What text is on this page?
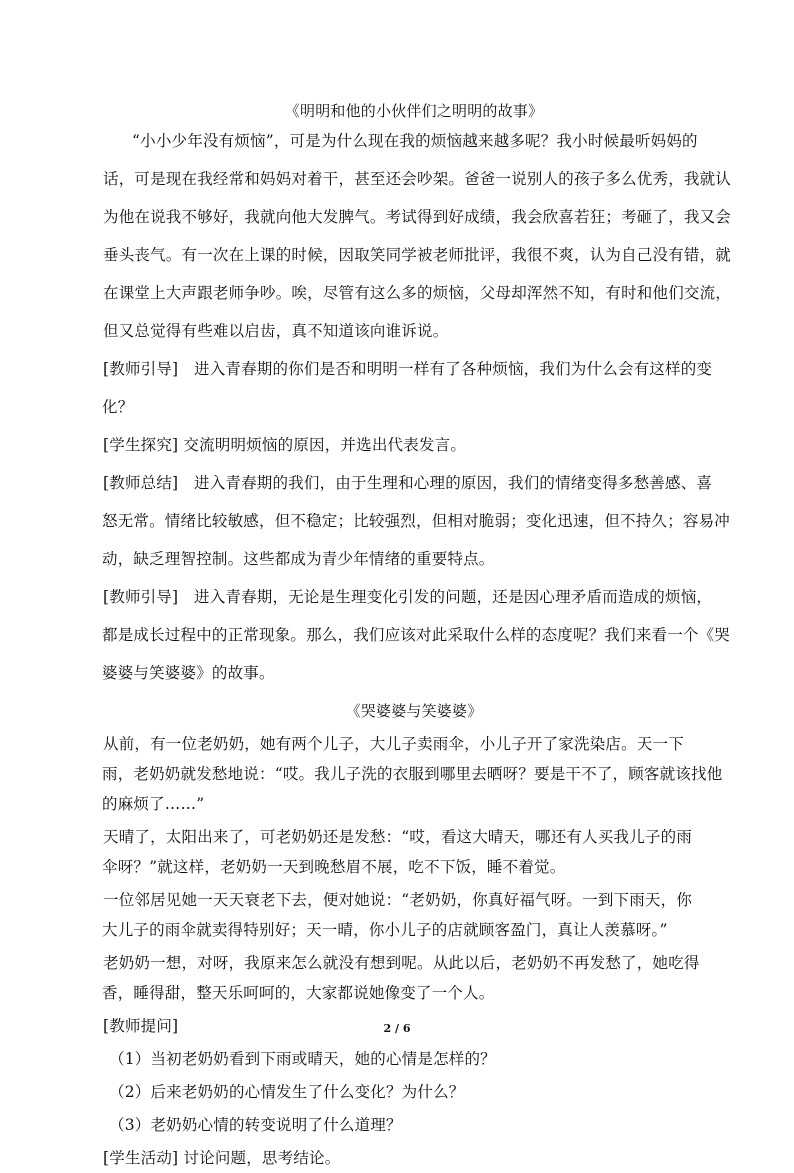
《明明和他的小伙伴们之明明的故事》
“小小少年没有烦恼”，可是为什么现在我的烦恼越来越多呢？我小时候最听妈妈的
话，可是现在我经常和妈妈对着干，甚至还会吵架。爸爸一说别人的孩子多么优秀，我就认
为他在说我不够好，我就向他大发脾气。考试得到好成绩，我会欣喜若狂；考砸了，我又会
垂头丧气。有一次在上课的时候，因取笑同学被老师批评，我很不爽，认为自己没有错，就
在课堂上大声跟老师争吵。唉，尽管有这么多的烦恼，父母却浑然不知，有时和他们交流，
但又总觉得有些难以启齿，真不知道该向谁诉说。
[教师引导]　进入青春期的你们是否和明明一样有了各种烦恼，我们为什么会有这样的变
化？
[学生探究] 交流明明烦恼的原因，并选出代表发言。
[教师总结]　进入青春期的我们，由于生理和心理的原因，我们的情绪变得多愁善感、喜
怒无常。情绪比较敏感，但不稳定；比较强烈，但相对脆弱；变化迅速，但不持久；容易冲
动，缺乏理智控制。这些都成为青少年情绪的重要特点。
[教师引导]　进入青春期，无论是生理变化引发的问题，还是因心理矛盾而造成的烦恼，
都是成长过程中的正常现象。那么，我们应该对此采取什么样的态度呢？我们来看一个《哭
婆婆与笑婆婆》的故事。
《哭婆婆与笑婆婆》
从前，有一位老奶奶，她有两个儿子，大儿子卖雨伞，小儿子开了家洗染店。天一下
雨，老奶奶就发愁地说：“哎。我儿子洗的衣服到哪里去晒呀？要是干不了，顾客就该找他
的麻烦了……”
天晴了，太阳出来了，可老奶奶还是发愁：“哎，看这大晴天，哪还有人买我儿子的雨
伞呀？”就这样，老奶奶一天到晚愁眉不展，吃不下饭，睡不着觉。
一位邻居见她一天天衰老下去，便对她说：“老奶奶，你真好福气呀。一到下雨天，你
大儿子的雨伞就卖得特别好；天一晴，你小儿子的店就顾客盈门，真让人羡慕呀。”
老奶奶一想，对呀，我原来怎么就没有想到呢。从此以后，老奶奶不再发愁了，她吃得
香，睡得甜，整天乐呵呵的，大家都说她像变了一个人。
[教师提问]
（1）当初老奶奶看到下雨或晴天，她的心情是怎样的？
（2）后来老奶奶的心情发生了什么变化？为什么？
（3）老奶奶心情的转变说明了什么道理？
[学生活动] 讨论问题，思考结论。
2 / 6
